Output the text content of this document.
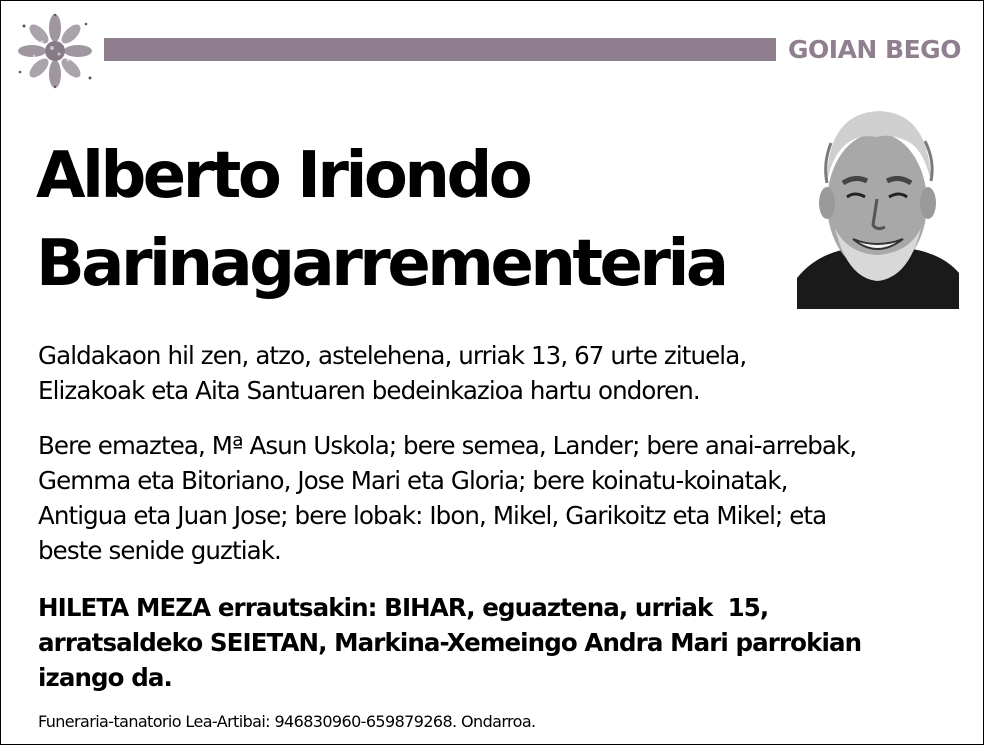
GOIAN BEGO
Alberto Iriondo
Barinagarrementeria
Galdakaon hil zen, atzo, astelehena, urriak 13, 67 urte zituela,
Elizakoak eta Aita Santuaren bedeinkazioa hartu ondoren.
Bere emaztea, Mª Asun Uskola; bere semea, Lander; bere anai-arrebak,
Gemma eta Bitoriano, Jose Mari eta Gloria; bere koinatu-koinatak,
Antigua eta Juan Jose; bere lobak: Ibon, Mikel, Garikoitz eta Mikel; eta
beste senide guztiak.
HILETA MEZA errautsakin: BIHAR, eguaztena, urriak  15,
arratsaldeko SEIETAN, Markina-Xemeingo Andra Mari parrokian
izango da.
Funeraria-tanatorio Lea-Artibai: 946830960-659879268. Ondarroa.
